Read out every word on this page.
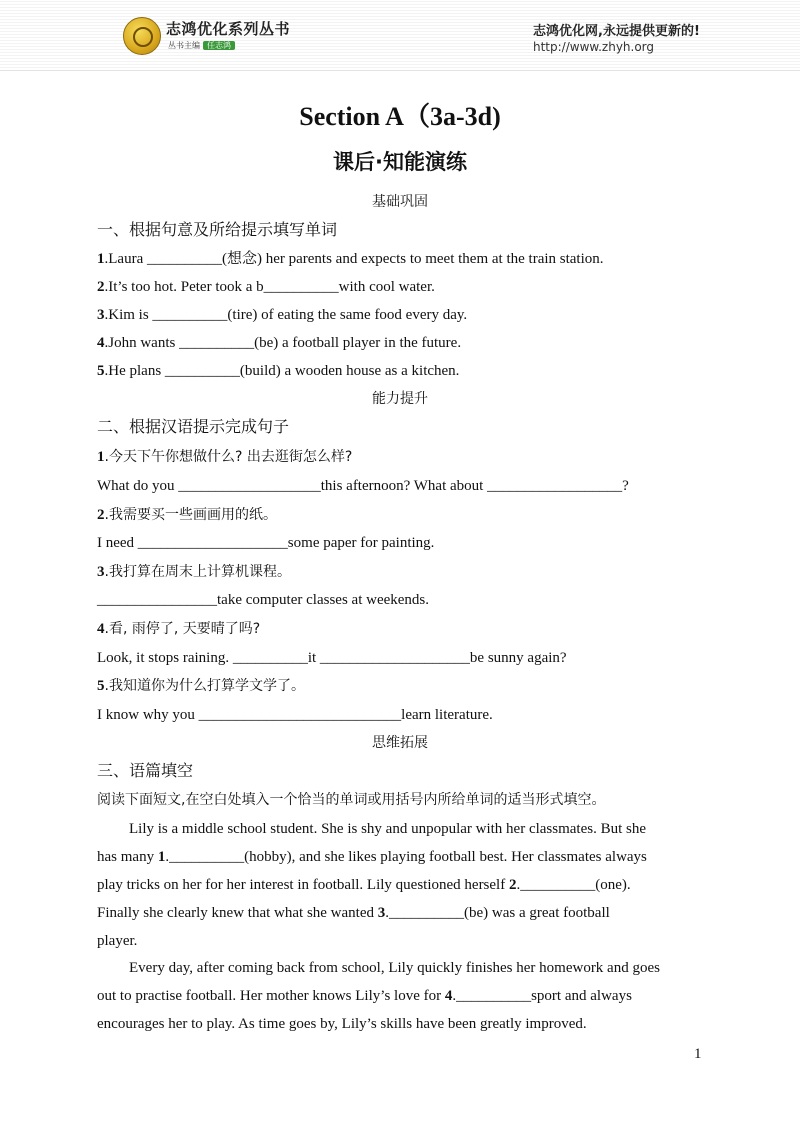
志鸿优化系列丛书
丛书主编 任志鸿
志鸿优化网,永远提供更新的!
http://www.zhyh.org
Section A（3a-3d)
课后·知能演练
基础巩固
一、根据句意及所给提示填写单词
1.Laura __________(想念) her parents and expects to meet them at the train station.
2.It’s too hot. Peter took a b__________with cool water.
3.Kim is __________(tire) of eating the same food every day.
4.John wants __________(be) a football player in the future.
5.He plans __________(build) a wooden house as a kitchen.
能力提升
二、根据汉语提示完成句子
1.今天下午你想做什么? 出去逛街怎么样?
What do you ___________________this afternoon? What about __________________?
2.我需要买一些画画用的纸。
I need ____________________some paper for painting.
3.我打算在周末上计算机课程。
________________take computer classes at weekends.
4.看, 雨停了, 天要晴了吗?
Look, it stops raining. __________it ____________________be sunny again?
5.我知道你为什么打算学文学了。
I know why you ___________________________learn literature.
思维拓展
三、语篇填空
阅读下面短文,在空白处填入一个恰当的单词或用括号内所给单词的适当形式填空。
Lily is a middle school student. She is shy and unpopular with her classmates. But she
has many 1.__________(hobby), and she likes playing football best. Her classmates always
play tricks on her for her interest in football. Lily questioned herself 2.__________(one).
Finally she clearly knew that what she wanted 3.__________(be) was a great football
player.
Every day, after coming back from school, Lily quickly finishes her homework and goes
out to practise football. Her mother knows Lily’s love for 4.__________sport and always
encourages her to play. As time goes by, Lily’s skills have been greatly improved.
1
